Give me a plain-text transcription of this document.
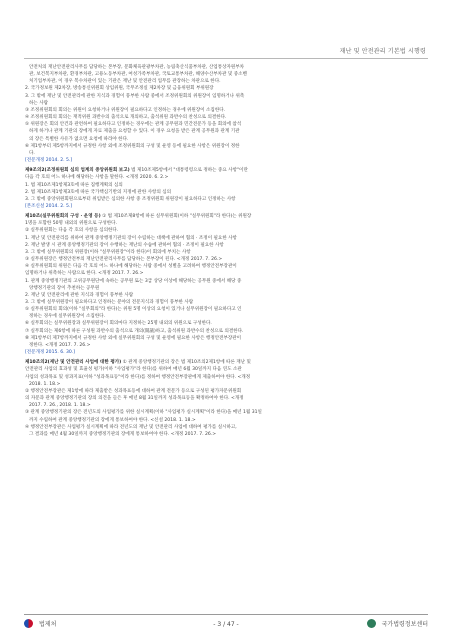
재난 및 안전관리 기본법 시행령
안전처의 재난안전관리사무를 담당하는 본부장, 문화체육관광부차관, 농림축산식품부차관, 산업통상자원부차
관, 보건복지부차관, 환경부차관, 고용노동부차관, 여성가족부차관, 국토교통부차관, 해양수산부차관 및 중소벤
처기업부차관, 이 경우 복수차관이 있는 기관은 재난 및 안전관리 업무를 관장하는 차관으로 한다.
2. 국가정보원 제2차장, 방송통신위원회 상임위원, 국무조정실 제2차장 및 금융위원회 부위원장
3. 그 밖에 재난 및 안전관리에 관한 지식과 경험이 풍부한 사람 중에서 조정위원회의 위원장이 임명하거나 위촉
하는 사람
③ 조정위원회의 회의는 위원이 요청하거나 위원장이 필요하다고 인정하는 경우에 위원장이 소집한다.
④ 조정위원회의 회의는 재적위원 과반수의 출석으로 개의하고, 출석위원 과반수의 찬성으로 의결한다.
⑤ 위원장은 회의 안건과 관련하여 필요하다고 인정하는 경우에는 관계 공무원과 민간전문가 등을 회의에 참석
하게 하거나 관계 기관의 장에게 자료 제출을 요청할 수 있다. 이 경우 요청을 받은 관계 공무원과 관계 기관
의 장은 특별한 사유가 없으면 요청에 따라야 한다.
⑥ 제1항부터 제5항까지에서 규정한 사항 외에 조정위원회의 구성 및 운영 등에 필요한 사항은 위원장이 정한
다.
[전문개정 2014. 2. 5.]
제9조의2(조정위원회 심의 업계의 중앙위원회 보고) 법 제10조제5항에서 "대통령령으로 정하는 중요 사항"이란
다음 각 호의 어느 하나에 해당하는 사항을 말한다. <개정 2020. 6. 2.>
1. 법 제10조제1항제3호에 따른 집행계획의 심의
2. 법 제10조제1항제3호에 따른 국가핵심기반의 지정에 관한 사항의 심의
3. 그 밖에 중앙위원회원으로부터 위임받은 심의한 사항 중 조정위원회 위원장이 필요하다고 인정하는 사항
[본조신설 2014. 2. 5.]
제10조(실무위원회의 구성 · 운영 등) ① 법 제10조제8항에 따른 실무위원회(이하 "실무위원회"라 한다)는 위원장
1명을 포함한 50명 내외의 위원으로 구성한다.
② 실무위원회는 다음 각 호의 사항을 심의한다.
1. 재난 및 안전관리를 위하여 관계 중앙행정기관의 장이 수립하는 대책에 관하여 협의 · 조정이 필요한 사항
2. 재난 발생 시 관계 중앙행정기관의 장이 수행하는 재난의 수습에 관하여 협의 · 조정이 필요한 사항
3. 그 밖에 실무위원회의 위원장(이하 "실무위원장"이라 한다)이 회의에 부치는 사항
③ 실무위원장은 행정안전부의 재난안전관리사무를 담당하는 본부장이 된다. <개정 2017. 7. 26.>
④ 실무위원회의 위원은 다음 각 호의 어느 하나에 해당하는 사람 중에서 성별을 고려하여 행정안전부장관이
임명하거나 위촉하는 사람으로 한다. <개정 2017. 7. 26.>
1. 관계 중앙행정기관의 고위공무원단에 속하는 공무원 또는 3급 상당 이상에 해당하는 공무원 중에서 해당 중
앙행정기관의 장이 추천하는 공무원
2. 재난 및 안전관리에 관한 지식과 경험이 풍부한 사람
3. 그 밖에 실무위원장이 필요하다고 인정하는 분야의 전문지식과 경험이 풍부한 사람
⑤ 실무위원회의 회의(이하 "실무회의"라 한다)는 위원 5명 이상의 요청이 있거나 실무위원장이 필요하다고 인
정하는 경우에 실무위원장이 소집한다.
⑥ 실무회의는 실무위원장과 실무위원장이 회의마다 지정하는 25명 내외의 위원으로 구성한다.
⑦ 실무회의는 제6항에 따른 구성원 과반수의 출석으로 개의(開議)하고, 출석위원 과반수의 찬성으로 의결한다.
⑧ 제1항부터 제7항까지에서 규정한 사항 외에 실무위원회의 구성 및 운영에 필요한 사항은 행정안전부장관이
정한다. <개정 2017. 7. 26.>
[전문개정 2015. 6. 30.]
제10조의2(재난 및 안전관리 사업에 대한 평가) ① 관계 중앙행정기관의 장은 법 제10조의2제1항에 따른 재난 및
안전관리 사업의 효과성 및 효율성 평가(이하 "사업평가"라 한다)를 위하여 매년 6월 30일까지 다음 연도 소관
사업의 성과목표 및 성과지표(이하 "성과목표등"이라 한다)를 정하여 행정안전부장관에게 제출하여야 한다. <개정
2018. 1. 18.>
② 행정안전부장관은 제1항에 따라 제출받은 성과목표등에 대하여 관계 전문가 등으로 구성된 평가자문위원회
의 자문과 관계 중앙행정기관의 장의 의견을 들은 후 매년 8월 31일까지 성과목표등을 확정하여야 한다. <개정
2017. 7. 26., 2018. 1. 18.>
③ 관계 중앙행정기관의 장은 전년도의 사업평가를 위한 실시계획(이하 "사업평가 실시계획"이라 한다)을 매년 1월 31일
까지 수립하여 관계 중앙행정기관의 장에게 통보하여야 한다. <신설 2018. 1. 18.>
④ 행정안전부장관은 사업평가 실시계획에 따라 전년도의 재난 및 안전관리 사업에 대하여 평가를 실시하고,
그 결과를 매년 4월 30일까지 중앙행정기관의 장에게 통보하여야 한다. <개정 2017. 7. 26.>
법제처	- 3 / 47 -	국가법령정보센터
